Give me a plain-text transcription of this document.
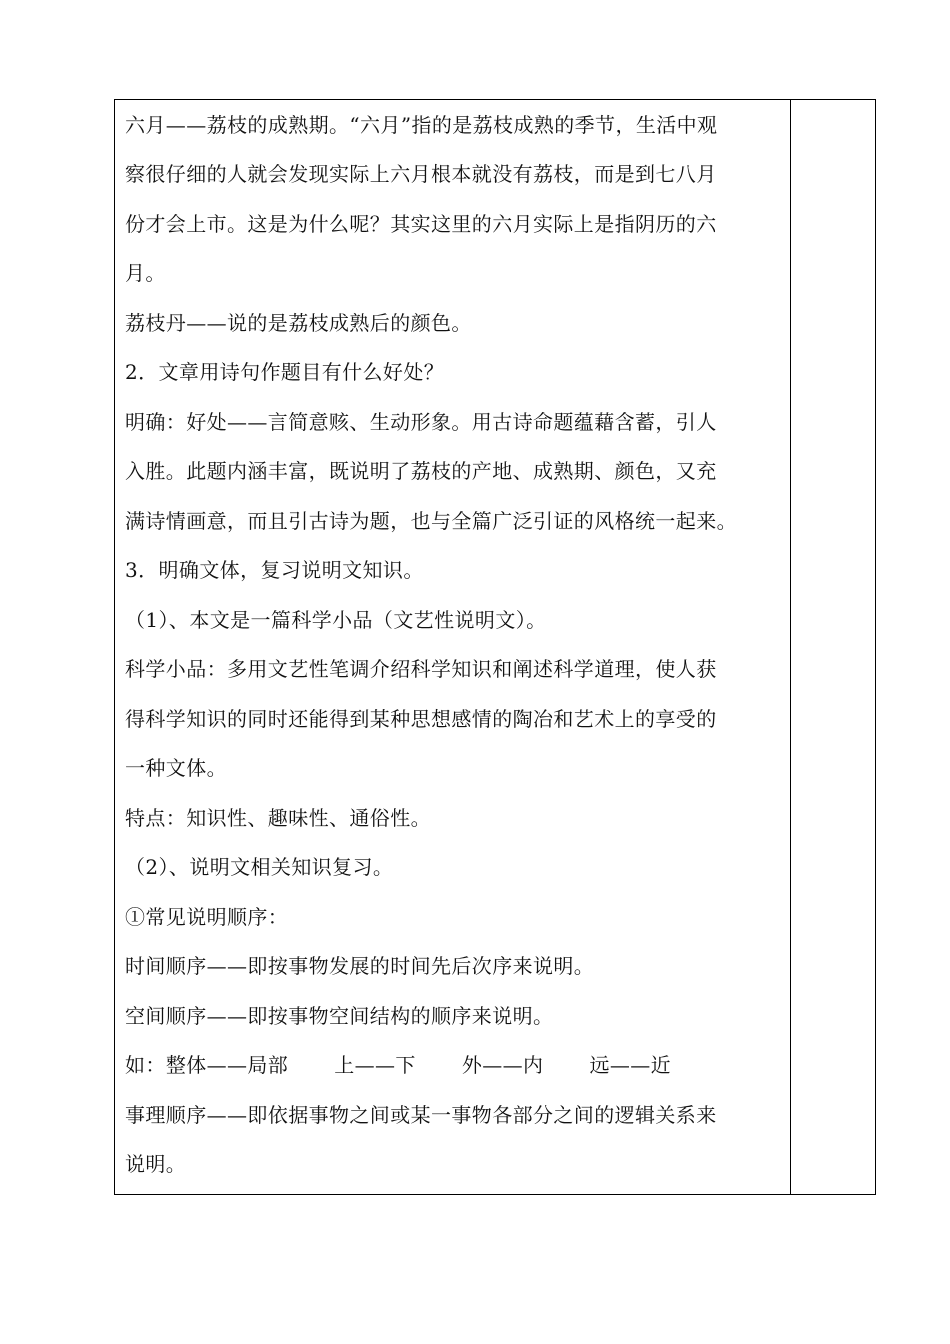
六月——荔枝的成熟期。“六月”指的是荔枝成熟的季节，生活中观
察很仔细的人就会发现实际上六月根本就没有荔枝，而是到七八月
份才会上市。这是为什么呢？其实这里的六月实际上是指阴历的六
月。
荔枝丹——说的是荔枝成熟后的颜色。
2．文章用诗句作题目有什么好处？
明确：好处——言简意赅、生动形象。用古诗命题蕴藉含蓄，引人
入胜。此题内涵丰富，既说明了荔枝的产地、成熟期、颜色，又充
满诗情画意，而且引古诗为题，也与全篇广泛引证的风格统一起来。
3．明确文体，复习说明文知识。
（1）、本文是一篇科学小品（文艺性说明文）。
科学小品：多用文艺性笔调介绍科学知识和阐述科学道理，使人获
得科学知识的同时还能得到某种思想感情的陶冶和艺术上的享受的
一种文体。
特点：知识性、趣味性、通俗性。
（2）、说明文相关知识复习。
①常见说明顺序：
时间顺序——即按事物发展的时间先后次序来说明。
空间顺序——即按事物空间结构的顺序来说明。
如：整体——局部 上——下 外——内 远——近
事理顺序——即依据事物之间或某一事物各部分之间的逻辑关系来
说明。
